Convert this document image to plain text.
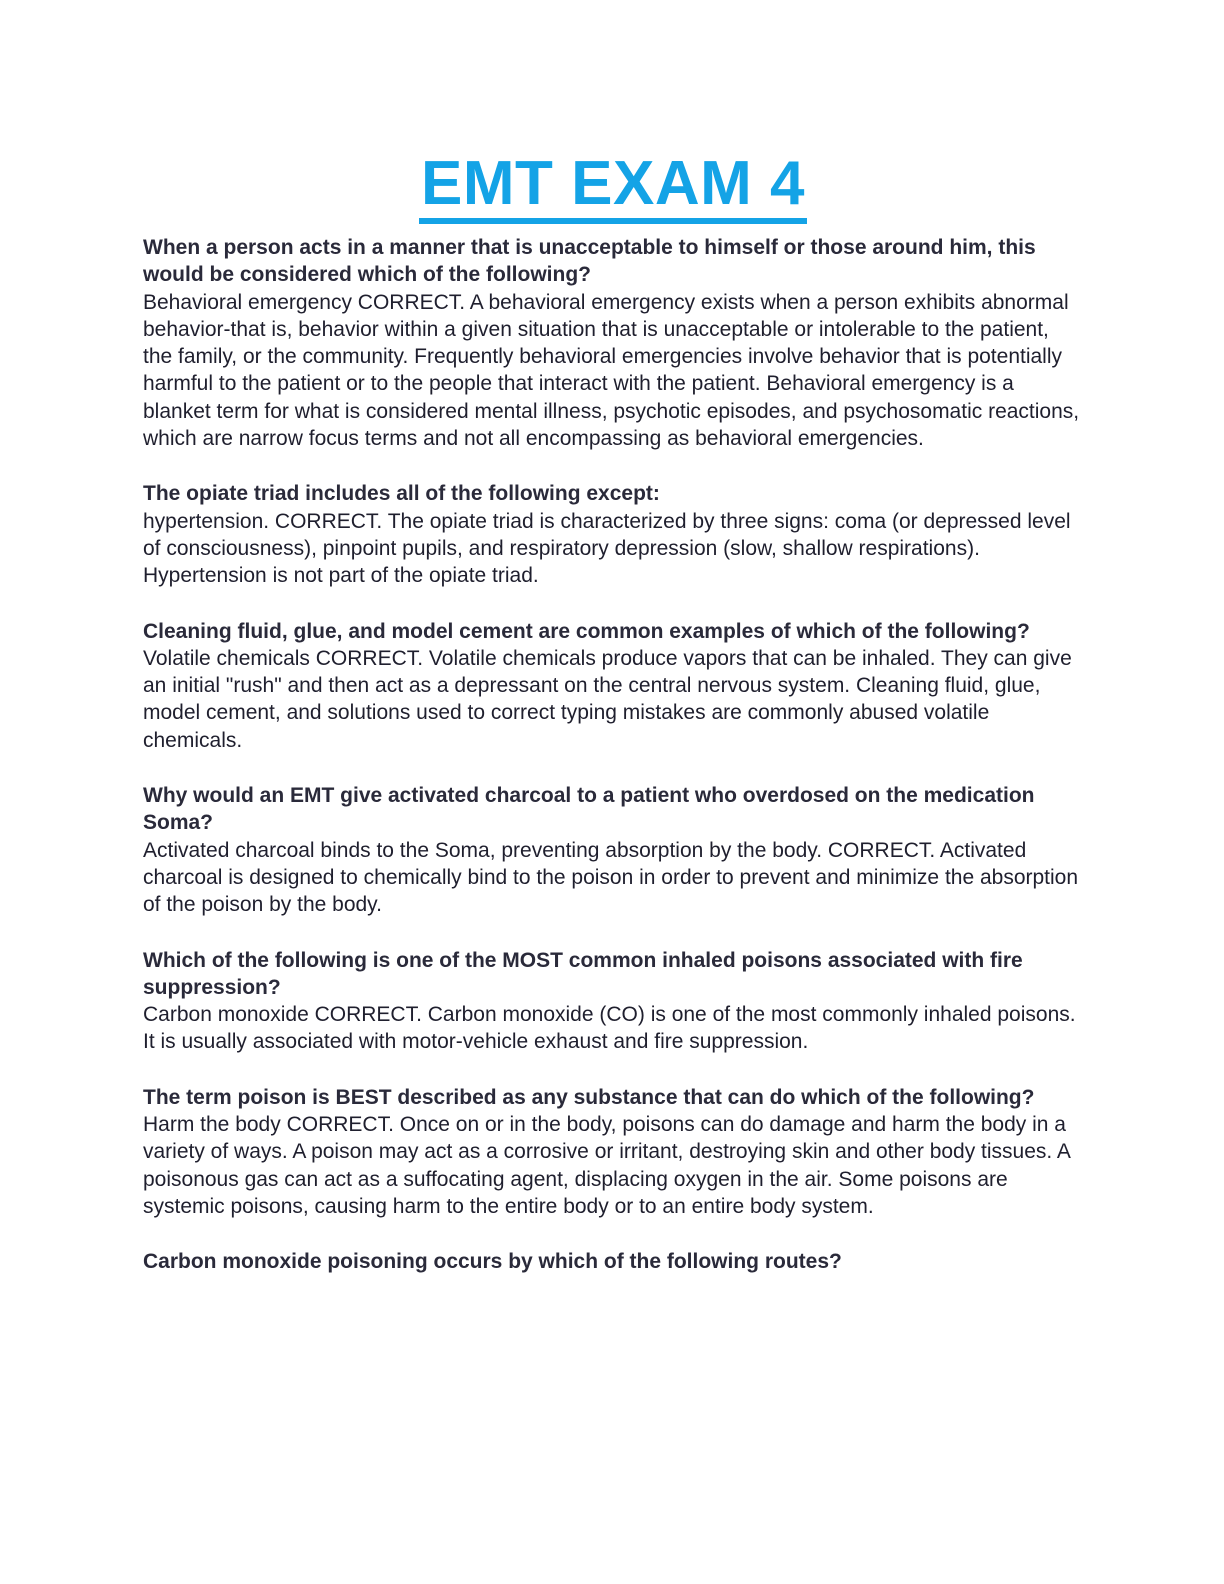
EMT EXAM 4

When a person acts in a manner that is unacceptable to himself or those around him, this would be considered which of the following?

Behavioral emergency CORRECT. A behavioral emergency exists when a person exhibits abnormal behavior-that is, behavior within a given situation that is unacceptable or intolerable to the patient, the family, or the community. Frequently behavioral emergencies involve behavior that is potentially harmful to the patient or to the people that interact with the patient. Behavioral emergency is a blanket term for what is considered mental illness, psychotic episodes, and psychosomatic reactions, which are narrow focus terms and not all encompassing as behavioral emergencies.

The opiate triad includes all of the following except:

hypertension. CORRECT. The opiate triad is characterized by three signs: coma (or depressed level of consciousness), pinpoint pupils, and respiratory depression (slow, shallow respirations). Hypertension is not part of the opiate triad.

Cleaning fluid, glue, and model cement are common examples of which of the following?

Volatile chemicals CORRECT. Volatile chemicals produce vapors that can be inhaled. They can give an initial "rush" and then act as a depressant on the central nervous system. Cleaning fluid, glue, model cement, and solutions used to correct typing mistakes are commonly abused volatile chemicals.

Why would an EMT give activated charcoal to a patient who overdosed on the medication Soma?

Activated charcoal binds to the Soma, preventing absorption by the body. CORRECT. Activated charcoal is designed to chemically bind to the poison in order to prevent and minimize the absorption of the poison by the body.

Which of the following is one of the MOST common inhaled poisons associated with fire suppression?

Carbon monoxide CORRECT. Carbon monoxide (CO) is one of the most commonly inhaled poisons. It is usually associated with motor-vehicle exhaust and fire suppression.

The term poison is BEST described as any substance that can do which of the following?

Harm the body CORRECT. Once on or in the body, poisons can do damage and harm the body in a variety of ways. A poison may act as a corrosive or irritant, destroying skin and other body tissues. A poisonous gas can act as a suffocating agent, displacing oxygen in the air. Some poisons are systemic poisons, causing harm to the entire body or to an entire body system.

Carbon monoxide poisoning occurs by which of the following routes?
